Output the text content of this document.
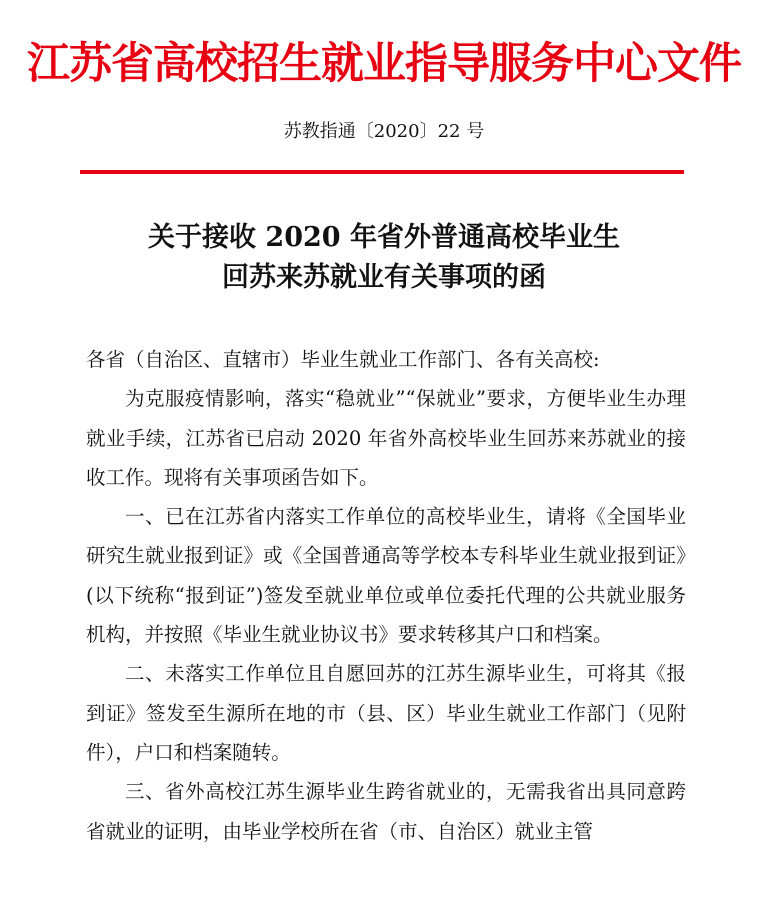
江苏省高校招生就业指导服务中心文件
苏教指通〔2020〕22 号
关于接收 2020 年省外普通高校毕业生
回苏来苏就业有关事项的函

各省（自治区、直辖市）毕业生就业工作部门、各有关高校:

为克服疫情影响，落实“稳就业”“保就业”要求，方便毕业生办理就业手续，江苏省已启动 2020 年省外高校毕业生回苏来苏就业的接收工作。现将有关事项函告如下。

一、已在江苏省内落实工作单位的高校毕业生，请将《全国毕业研究生就业报到证》或《全国普通高等学校本专科毕业生就业报到证》(以下统称“报到证”)签发至就业单位或单位委托代理的公共就业服务机构，并按照《毕业生就业协议书》要求转移其户口和档案。

二、未落实工作单位且自愿回苏的江苏生源毕业生，可将其《报到证》签发至生源所在地的市（县、区）毕业生就业工作部门（见附件），户口和档案随转。

三、省外高校江苏生源毕业生跨省就业的，无需我省出具同意跨省就业的证明，由毕业学校所在省（市、自治区）就业主管
